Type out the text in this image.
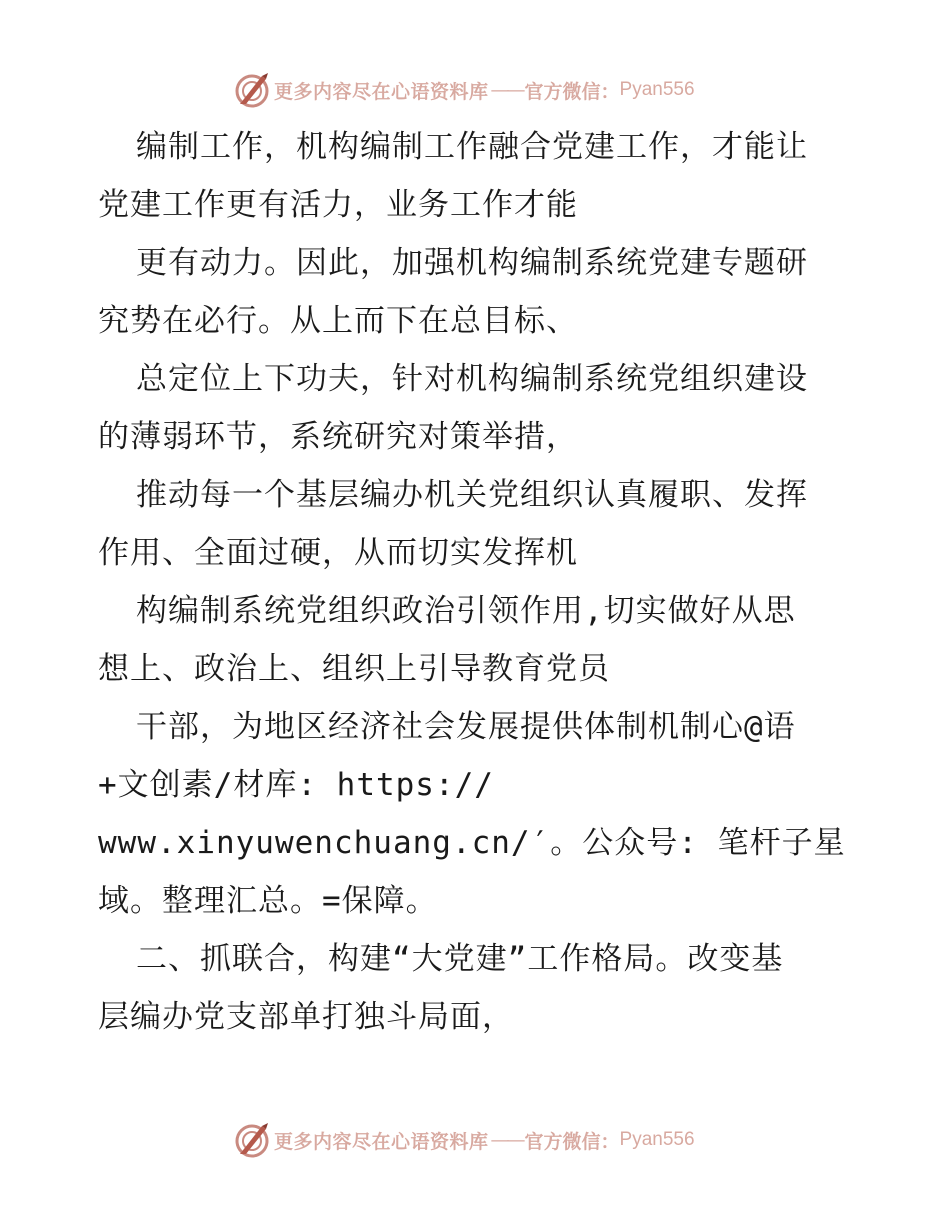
更多内容尽在心语资料库 —— 官方微信： Pyan556
编制工作，机构编制工作融合党建工作，才能让
党建工作更有活力，业务工作才能
更有动力。因此，加强机构编制系统党建专题研
究势在必行。从上而下在总目标、
总定位上下功夫，针对机构编制系统党组织建设
的薄弱环节，系统研究对策举措，
推动每一个基层编办机关党组织认真履职、发挥
作用、全面过硬，从而切实发挥机
构编制系统党组织政治引领作用,切实做好从思
想上、政治上、组织上引导教育党员
干部，为地区经济社会发展提供体制机制心@语
+文创素/材库: https://
www.xinyuwenchuang.cn/′。公众号: 笔杆子星
域。整理汇总。=保障。
二、抓联合，构建“大党建”工作格局。改变基
层编办党支部单打独斗局面，
更多内容尽在心语资料库 —— 官方微信： Pyan556
